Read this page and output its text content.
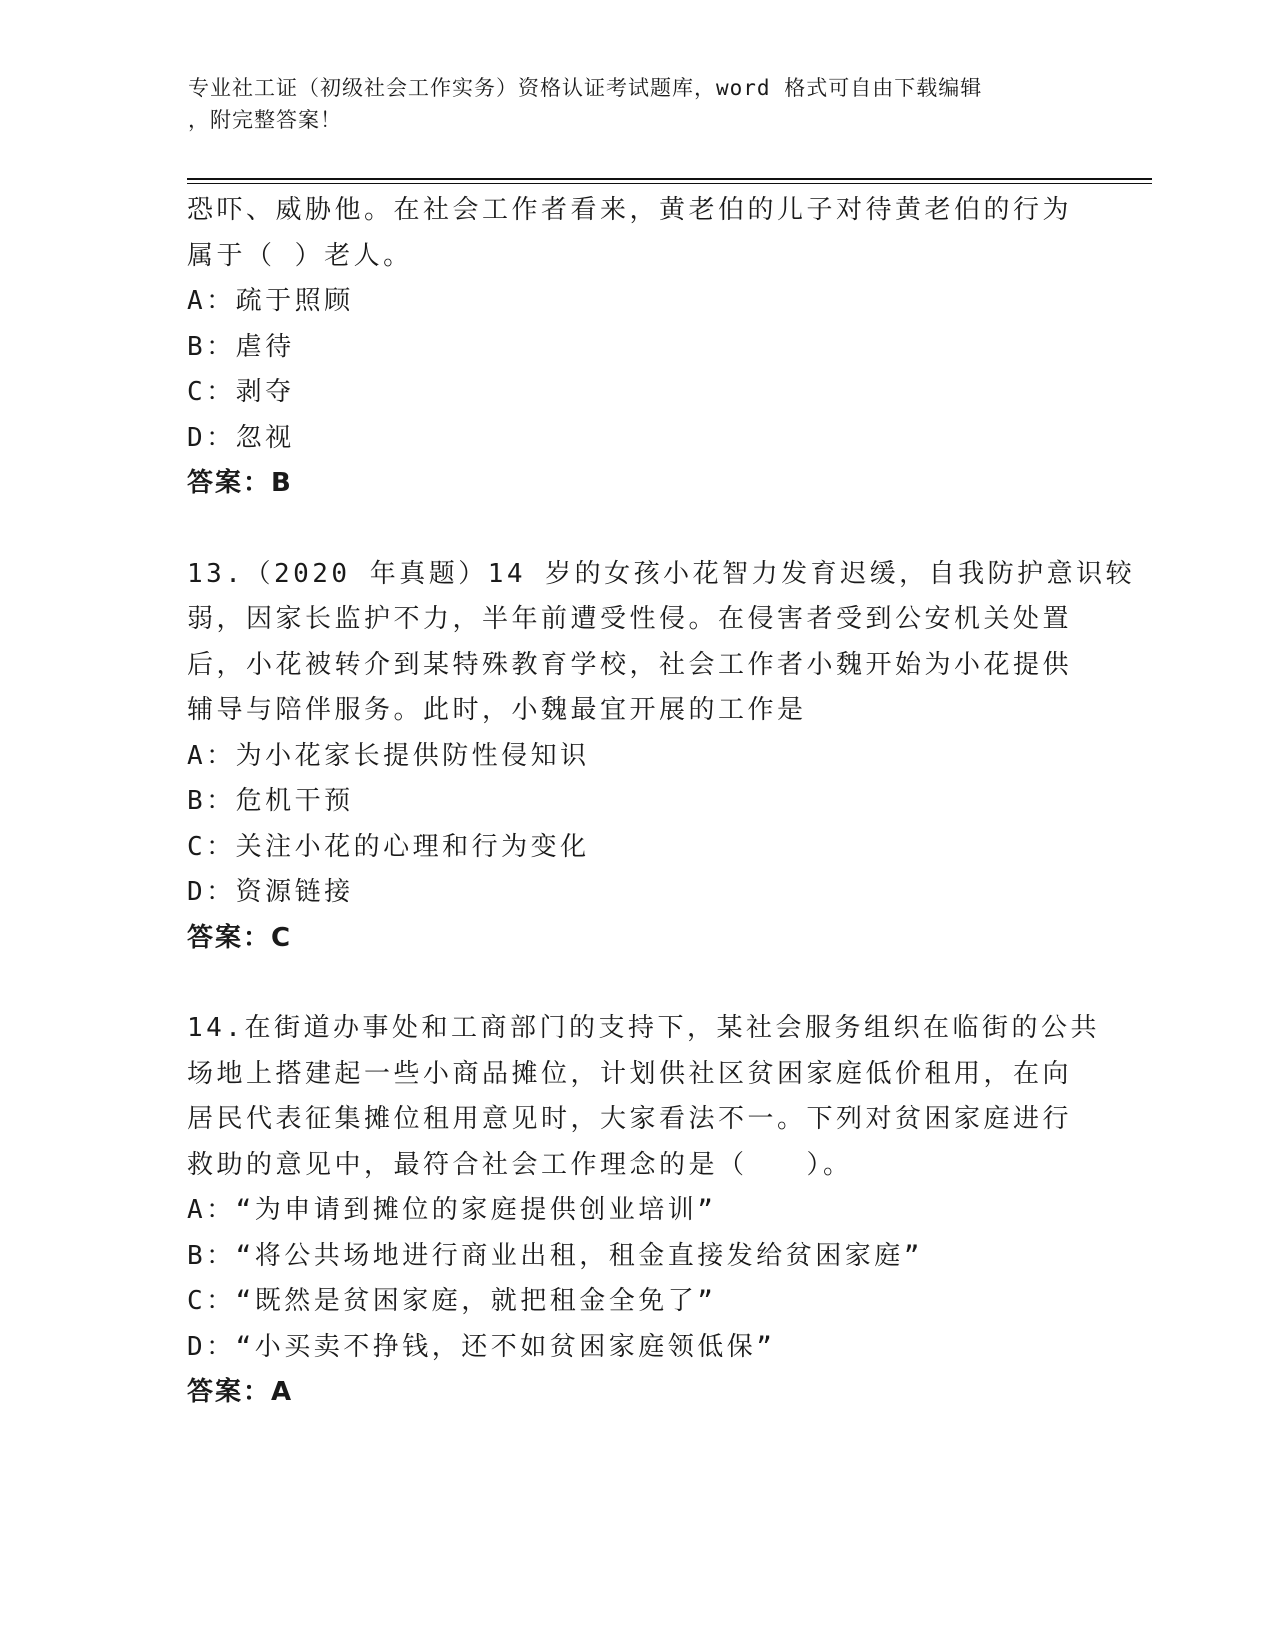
专业社工证（初级社会工作实务）资格认证考试题库，word 格式可自由下载编辑
，附完整答案！
恐吓、威胁他。在社会工作者看来，黄老伯的儿子对待黄老伯的行为
属于（ ）老人。
A：疏于照顾
B：虐待
C：剥夺
D：忽视
答案：B
13.（2020 年真题）14 岁的女孩小花智力发育迟缓，自我防护意识较
弱，因家长监护不力，半年前遭受性侵。在侵害者受到公安机关处置
后，小花被转介到某特殊教育学校，社会工作者小魏开始为小花提供
辅导与陪伴服务。此时，小魏最宜开展的工作是
A：为小花家长提供防性侵知识
B：危机干预
C：关注小花的心理和行为变化
D：资源链接
答案：C
14.在街道办事处和工商部门的支持下，某社会服务组织在临街的公共
场地上搭建起一些小商品摊位，计划供社区贫困家庭低价租用，在向
居民代表征集摊位租用意见时，大家看法不一。下列对贫困家庭进行
救助的意见中，最符合社会工作理念的是（　　）。
A：“为申请到摊位的家庭提供创业培训”
B：“将公共场地进行商业出租，租金直接发给贫困家庭”
C：“既然是贫困家庭，就把租金全免了”
D：“小买卖不挣钱，还不如贫困家庭领低保”
答案：A
